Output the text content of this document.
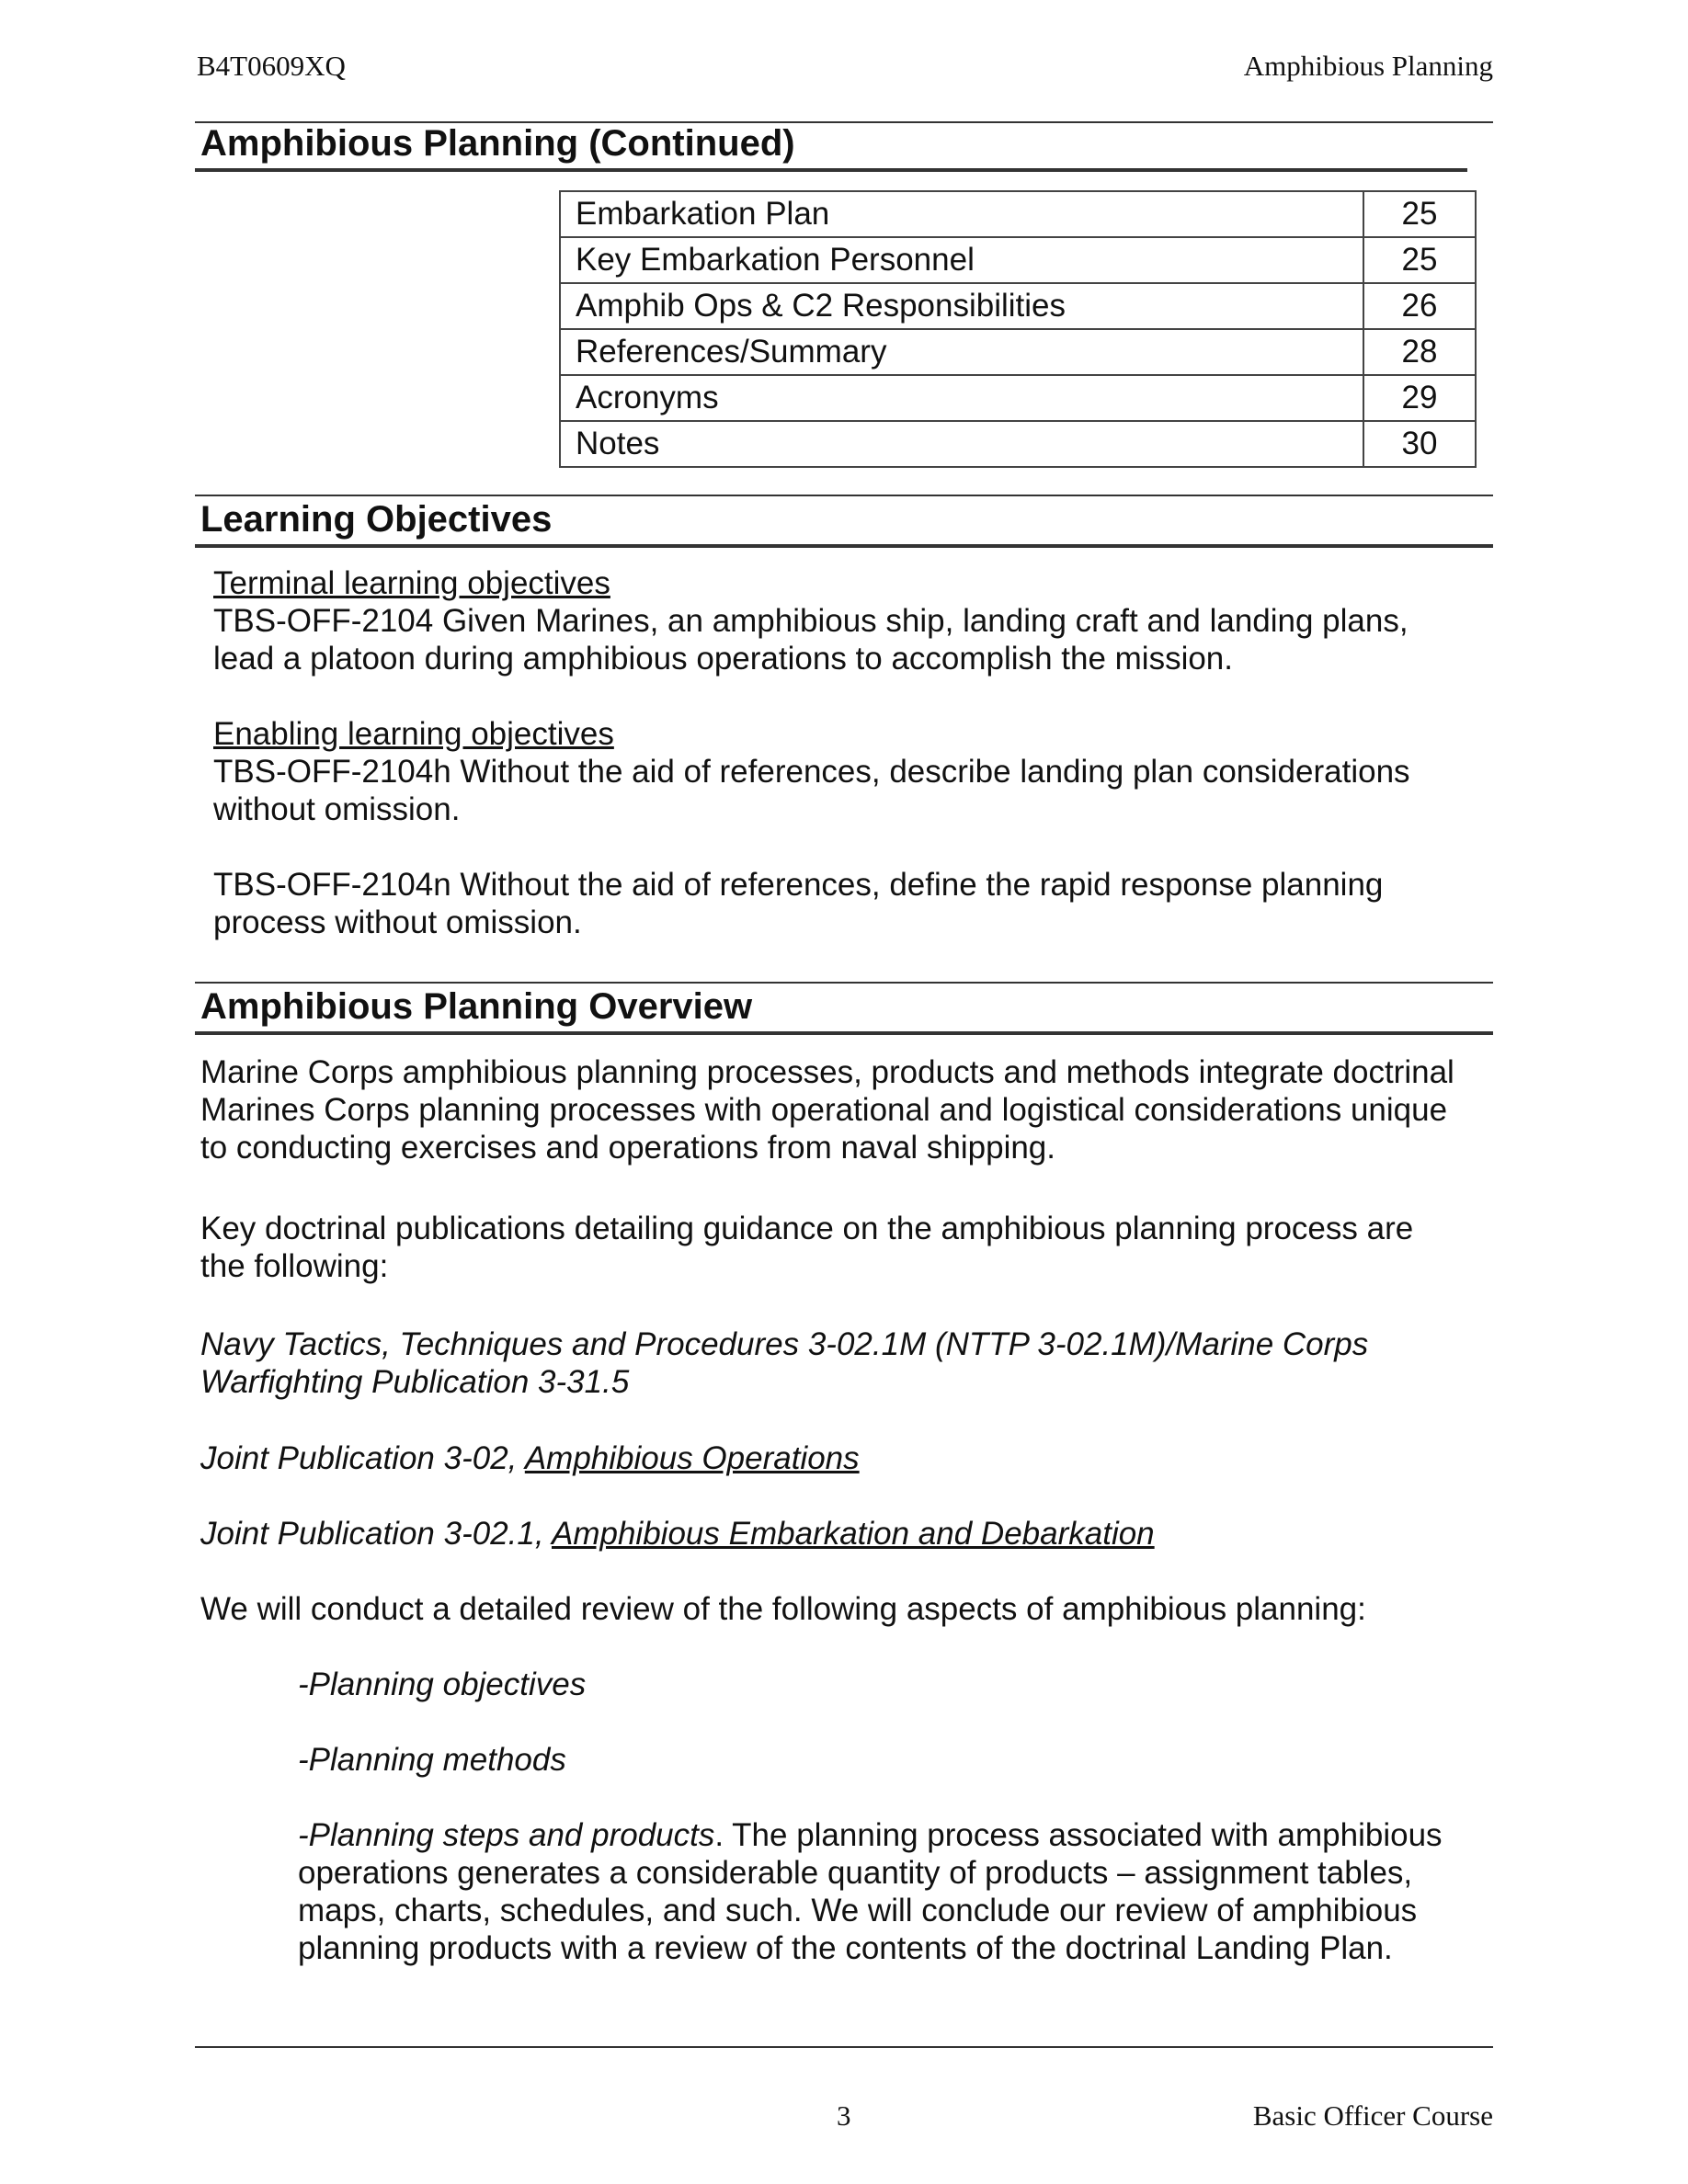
B4T0609XQ	Amphibious Planning
Amphibious Planning (Continued)
Embarkation Plan	25
Key Embarkation Personnel	25
Amphib Ops & C2 Responsibilities	26
References/Summary	28
Acronyms	29
Notes	30
Learning Objectives
Terminal learning objectives
TBS-OFF-2104 Given Marines, an amphibious ship, landing craft and landing plans,
lead a platoon during amphibious operations to accomplish the mission.
Enabling learning objectives
TBS-OFF-2104h Without the aid of references, describe landing plan considerations
without omission.
TBS-OFF-2104n Without the aid of references, define the rapid response planning
process without omission.
Amphibious Planning Overview
Marine Corps amphibious planning processes, products and methods integrate doctrinal
Marines Corps planning processes with operational and logistical considerations unique
to conducting exercises and operations from naval shipping.
Key doctrinal publications detailing guidance on the amphibious planning process are
the following:
Navy Tactics, Techniques and Procedures 3-02.1M (NTTP 3-02.1M)/Marine Corps
Warfighting Publication 3-31.5
Joint Publication 3-02, Amphibious Operations
Joint Publication 3-02.1, Amphibious Embarkation and Debarkation
We will conduct a detailed review of the following aspects of amphibious planning:
-Planning objectives
-Planning methods
-Planning steps and products. The planning process associated with amphibious
operations generates a considerable quantity of products – assignment tables,
maps, charts, schedules, and such. We will conclude our review of amphibious
planning products with a review of the contents of the doctrinal Landing Plan.
3	Basic Officer Course
